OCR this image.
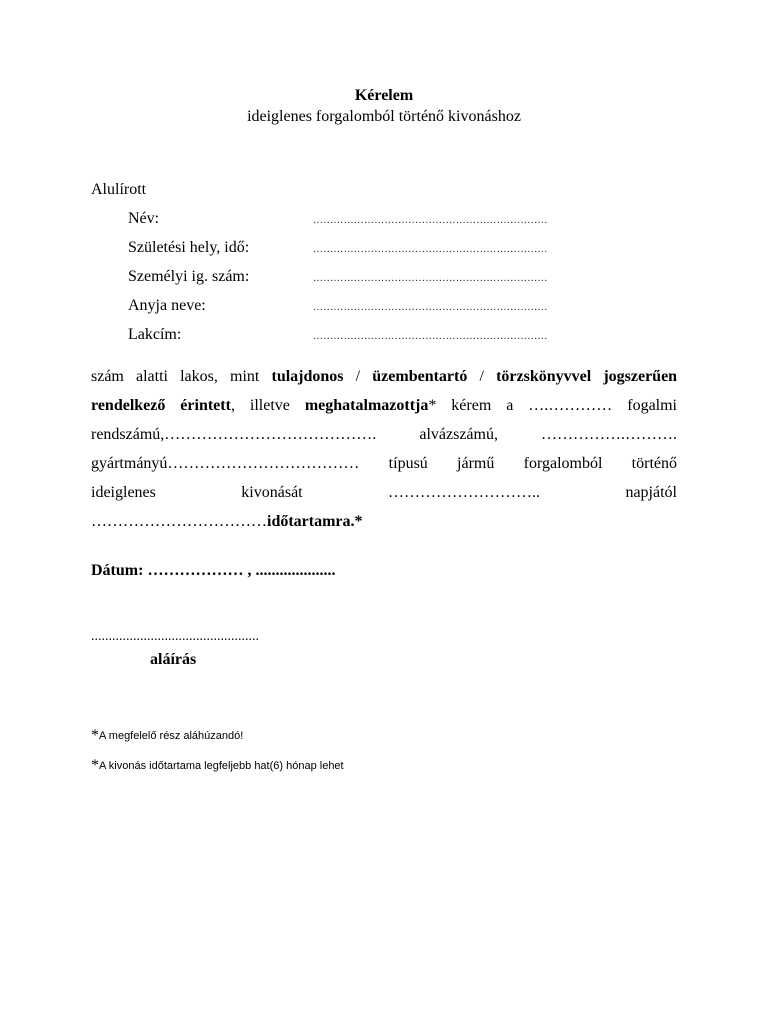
Kérelem
ideiglenes forgalomból történő kivonáshoz
Alulírott
Név:	……………………………………………………………
Születési hely, idő:	……………………………………………………………
Személyi ig. szám:	……………………………………………………………
Anyja neve:	……………………………………………………………
Lakcím:	……………………………………………………………
szám alatti lakos, mint tulajdonos / üzembentartó / törzskönyvvel jogszerűen
rendelkező érintett, illetve meghatalmazottja* kérem a ….………… fogalmi
rendszámú,…………………………………. alvázszámú, …………….……….
gyártmányú……………………………… típusú jármű forgalomból történő
ideiglenes kivonását ……………………….. napjától
……………………………időtartamra.*
Dátum: ……………… , ....................
................................................
aláírás
*A megfelelő rész aláhúzandó!
*A kivonás időtartama legfeljebb hat(6) hónap lehet
